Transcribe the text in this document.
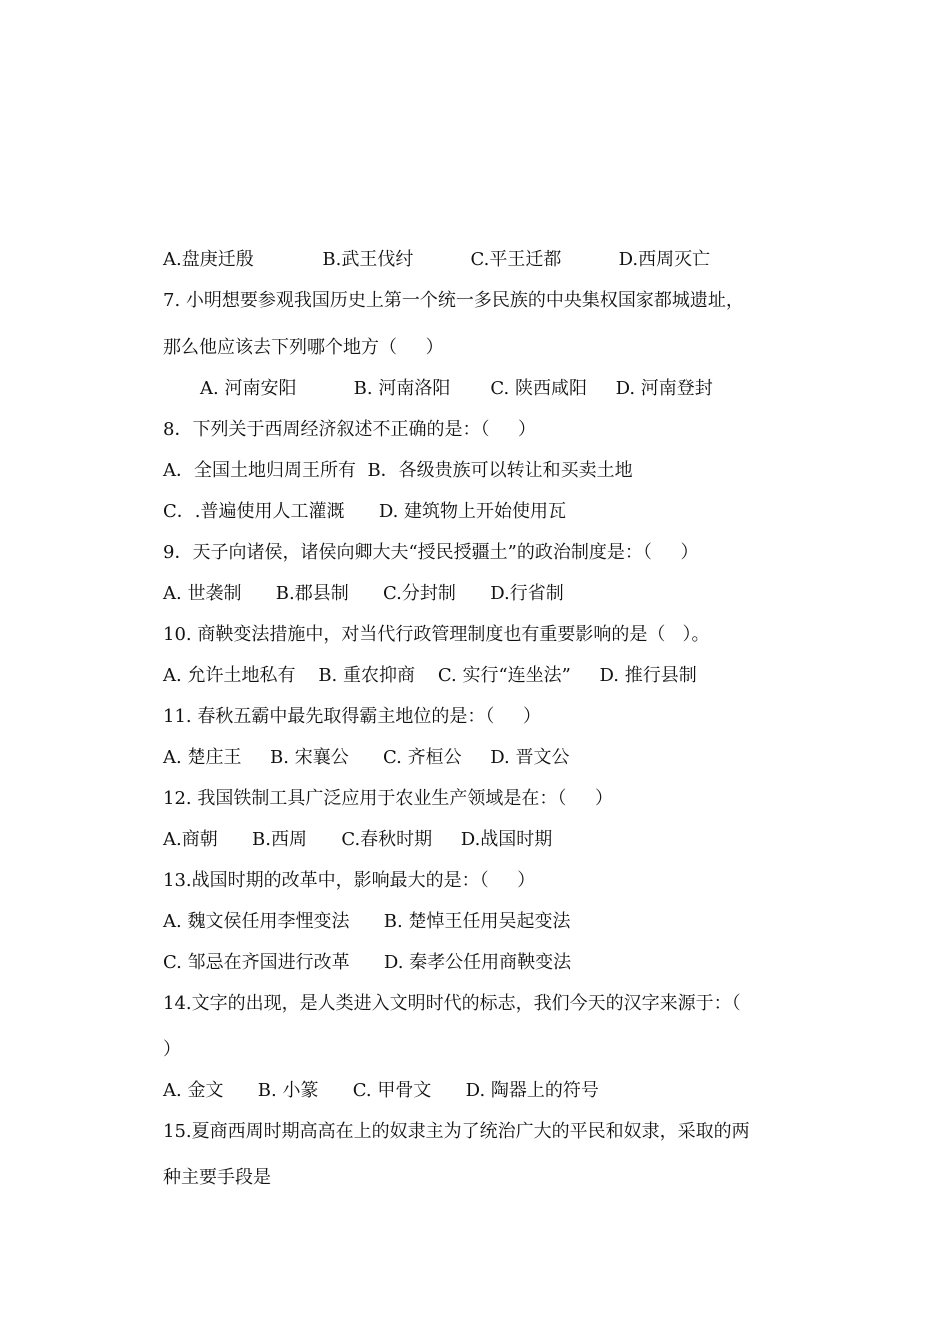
A.盘庚迁殷            B.武王伐纣          C.平王迁都          D.西周灭亡
7. 小明想要参观我国历史上第一个统一多民族的中央集权国家都城遗址，
那么他应该去下列哪个地方（     ）
A. 河南安阳          B. 河南洛阳       C. 陕西咸阳     D. 河南登封
8．下列关于西周经济叙述不正确的是：（     ）
A．全国土地归周王所有  B．各级贵族可以转让和买卖土地
C．.普遍使用人工灌溉      D. 建筑物上开始使用瓦
9．天子向诸侯，诸侯向卿大夫“授民授疆土”的政治制度是：（     ）
A. 世袭制      B.郡县制      C.分封制      D.行省制
10. 商鞅变法措施中，对当代行政管理制度也有重要影响的是（   ）。
A. 允许土地私有    B. 重农抑商    C. 实行“连坐法”     D. 推行县制
11. 春秋五霸中最先取得霸主地位的是：（     ）
A. 楚庄王     B. 宋襄公      C. 齐桓公     D. 晋文公
12. 我国铁制工具广泛应用于农业生产领域是在：（     ）
A.商朝      B.西周      C.春秋时期     D.战国时期
13.战国时期的改革中，影响最大的是：（     ）
A. 魏文侯任用李悝变法      B. 楚悼王任用吴起变法
C. 邹忌在齐国进行改革      D. 秦孝公任用商鞅变法
14.文字的出现，是人类进入文明时代的标志，我们今天的汉字来源于：（
）
A. 金文      B. 小篆      C. 甲骨文      D. 陶器上的符号
15.夏商西周时期高高在上的奴隶主为了统治广大的平民和奴隶，采取的两
种主要手段是
